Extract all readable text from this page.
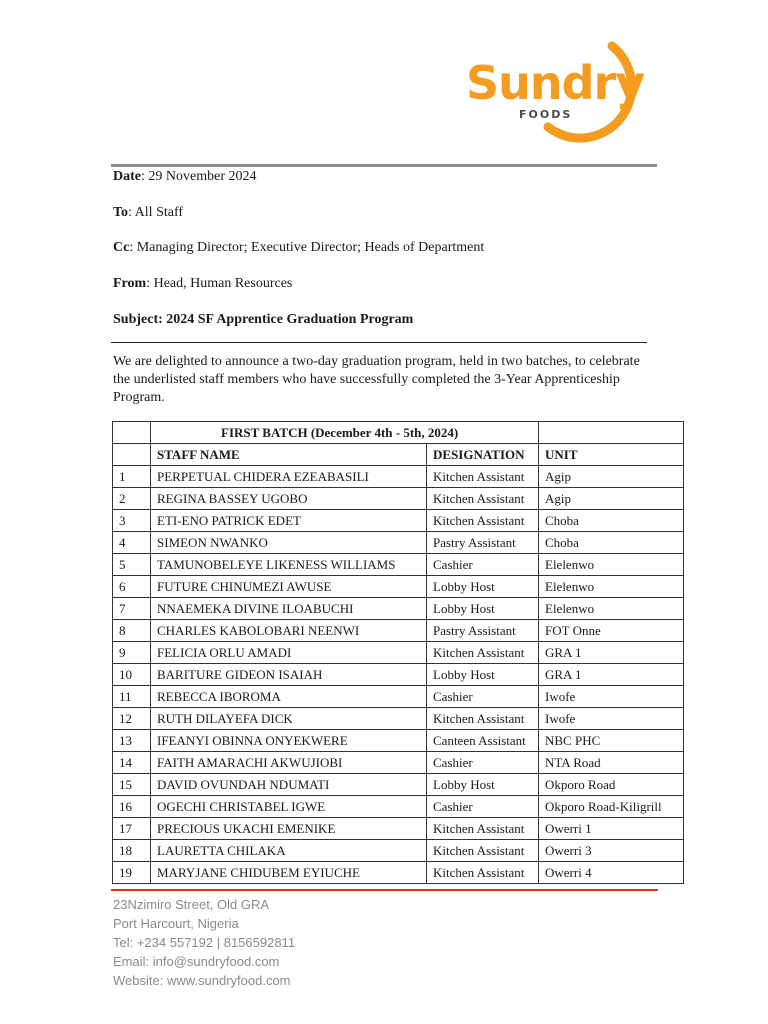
Sundry
FOODS
Date: 29 November 2024
To: All Staff
Cc: Managing Director; Executive Director; Heads of Department
From: Head, Human Resources
Subject: 2024 SF Apprentice Graduation Program
We are delighted to announce a two-day graduation program, held in two batches, to celebrate the underlisted staff members who have successfully completed the 3-Year Apprenticeship Program.
	FIRST BATCH (December 4th - 5th, 2024)		
	STAFF NAME	DESIGNATION	UNIT
1	PERPETUAL CHIDERA EZEABASILI	Kitchen Assistant	Agip
2	REGINA BASSEY UGOBO	Kitchen Assistant	Agip
3	ETI-ENO PATRICK EDET	Kitchen Assistant	Choba
4	SIMEON NWANKO	Pastry Assistant	Choba
5	TAMUNOBELEYE LIKENESS WILLIAMS	Cashier	Elelenwo
6	FUTURE CHINUMEZI AWUSE	Lobby Host	Elelenwo
7	NNAEMEKA DIVINE ILOABUCHI	Lobby Host	Elelenwo
8	CHARLES KABOLOBARI NEENWI	Pastry Assistant	FOT Onne
9	FELICIA ORLU AMADI	Kitchen Assistant	GRA 1
10	BARITURE GIDEON ISAIAH	Lobby Host	GRA 1
11	REBECCA IBOROMA	Cashier	Iwofe
12	RUTH DILAYEFA DICK	Kitchen Assistant	Iwofe
13	IFEANYI OBINNA ONYEKWERE	Canteen Assistant	NBC PHC
14	FAITH AMARACHI AKWUJIOBI	Cashier	NTA Road
15	DAVID OVUNDAH NDUMATI	Lobby Host	Okporo Road
16	OGECHI CHRISTABEL IGWE	Cashier	Okporo Road-Kiligrill
17	PRECIOUS UKACHI EMENIKE	Kitchen Assistant	Owerri 1
18	LAURETTA CHILAKA	Kitchen Assistant	Owerri 3
19	MARYJANE CHIDUBEM EYIUCHE	Kitchen Assistant	Owerri 4
23Nzimiro Street, Old GRA
Port Harcourt, Nigeria
Tel: +234 557192 | 8156592811
Email: info@sundryfood.com
Website: www.sundryfood.com
